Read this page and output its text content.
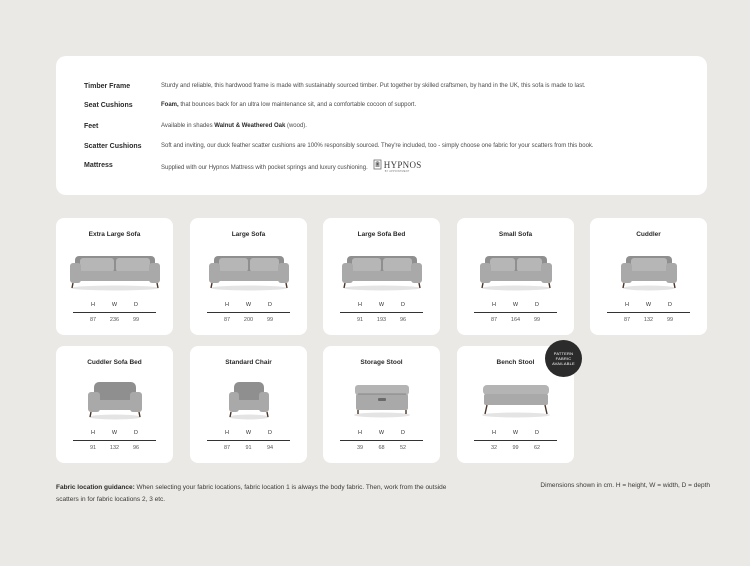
Timber Frame	Sturdy and reliable, this hardwood frame is made with sustainably sourced timber. Put together by skilled craftsmen, by hand in the UK, this sofa is made to last.
Seat Cushions	Foam, that bounces back for an ultra low maintenance sit, and a comfortable cocoon of support.
Feet	Available in shades Walnut & Weathered Oak (wood).
Scatter Cushions	Soft and inviting, our duck feather scatter cushions are 100% responsibly sourced. They're included, too - simply choose one fabric for your scatters from this book.
Mattress	Supplied with our Hypnos Mattress with pocket springs and luxury cushioning. HYPNOS
BY APPOINTMENT
Extra Large Sofa
H	W	D
87	236	99
Large Sofa
H	W	D
87	200	99
Large Sofa Bed
H	W	D
91	193	96
Small Sofa
H	W	D
87	164	99
Cuddler
H	W	D
87	132	99
Cuddler Sofa Bed
H	W	D
91	132	96
Standard Chair
H	W	D
87	91	94
Storage Stool
H	W	D
39	68	52
Bench Stool
H	W	D
32	99	62
PATTERN
FABRIC
AVAILABLE
Fabric location guidance: When selecting your fabric locations, fabric location 1 is always the body fabric. Then, work from the outside scatters in for fabric locations 2, 3 etc.
Dimensions shown in cm. H = height, W = width, D = depth
